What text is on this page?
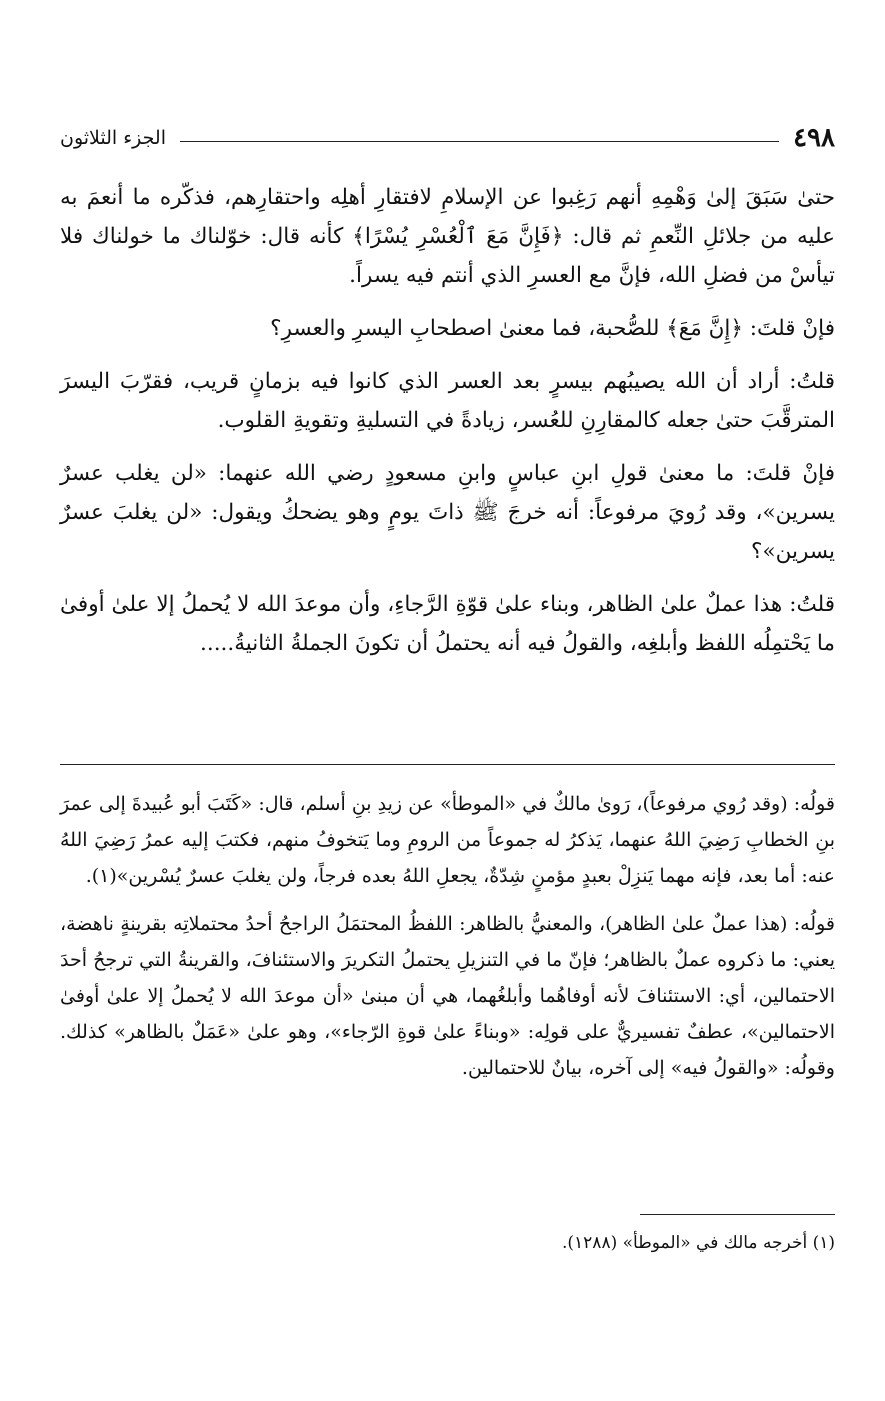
٤٩٨
الجزء الثلاثون

حتىٰ سَبَقَ إلىٰ وَهْمِهِ أنهم رَغِبوا عن الإسلامِ لافتقارِ أهلِه واحتقارِهم، فذكّره ما أنعمَ به عليه من جلائلِ النِّعمِ ثم قال: ﴿فَإِنَّ مَعَ ٱلْعُسْرِ يُسْرًا﴾ كأنه قال: خوّلناك ما خولناك فلا تيأسْ من فضلِ الله، فإنَّ مع العسرِ الذي أنتم فيه يسراً.

فإنْ قلتَ: ﴿إِنَّ مَعَ﴾ للصُّحبة، فما معنىٰ اصطحابِ اليسرِ والعسرِ؟

قلتُ: أراد أن الله يصيبُهم بيسرٍ بعد العسر الذي كانوا فيه بزمانٍ قريب، فقرّبَ اليسرَ المترقَّبَ حتىٰ جعله كالمقارِنِ للعُسر، زيادةً في التسليةِ وتقويةِ القلوب.

فإنْ قلتَ: ما معنىٰ قولِ ابنِ عباسٍ وابنِ مسعودٍ رضي الله عنهما: «لن يغلب عسرٌ يسرين»، وقد رُويَ مرفوعاً: أنه خرجَ ﷺ ذاتَ يومٍ وهو يضحكُ ويقول: «لن يغلبَ عسرٌ يسرين»؟

قلتُ: هذا عملٌ علىٰ الظاهر، وبناء علىٰ قوّةِ الرَّجاءِ، وأن موعدَ الله لا يُحملُ إلا علىٰ أوفىٰ ما يَحْتمِلُه اللفظ وأبلغِه، والقولُ فيه أنه يحتملُ أن تكونَ الجملةُ الثانيةُ.....

قولُه: (وقد رُوي مرفوعاً)، رَوىٰ مالكٌ في «الموطأ» عن زيدِ بنِ أسلم، قال: «كَتَبَ أبو عُبيدةَ إلى عمرَ بنِ الخطابِ رَضِيَ اللهُ عنهما، يَذكرُ له جموعاً من الرومِ وما يَتخوفُ منهم، فكتبَ إليه عمرُ رَضِيَ اللهُ عنه: أما بعد، فإنه مهما يَنزِلْ بعبدٍ مؤمنٍ شِدّةٌ، يجعلِ اللهُ بعده فرجاً، ولن يغلبَ عسرٌ يُسْرين»(١).

قولُه: (هذا عملٌ علىٰ الظاهر)، والمعنيُّ بالظاهر: اللفظُ المحتمَلُ الراجحُ أحدُ محتملاتِه بقرينةٍ ناهضة، يعني: ما ذكروه عملٌ بالظاهر؛ فإنّ ما في التنزيلِ يحتملُ التكريرَ والاستئنافَ، والقرينةُ التي ترجحُ أحدَ الاحتمالين، أي: الاستئنافَ لأنه أوفاهُما وأبلغُهما، هي أن مبنىٰ «أن موعدَ الله لا يُحملُ إلا علىٰ أوفىٰ الاحتمالين»، عطفٌ تفسيريٌّ على قولِه: «وبناءً علىٰ قوةِ الرّجاء»، وهو علىٰ «عَمَلٌ بالظاهر» كذلك. وقولُه: «والقولُ فيه» إلى آخره، بيانٌ للاحتمالين.

(١) أخرجه مالك في «الموطأ» (١٢٨٨).
